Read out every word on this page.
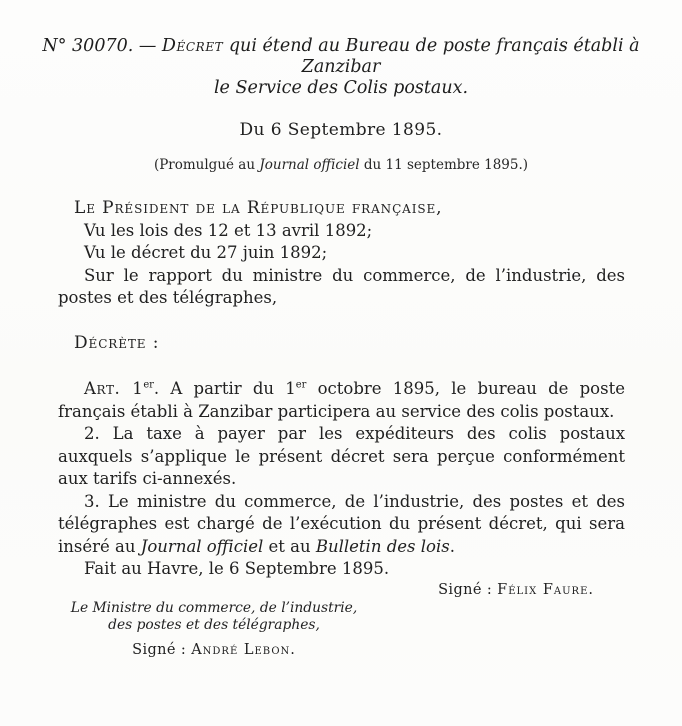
N° 30070. — Décret qui étend au Bureau de poste français établi à Zanzibar
le Service des Colis postaux.
Du 6 Septembre 1895.
(Promulgué au Journal officiel du 11 septembre 1895.)

Le Président de la République française,

Vu les lois des 12 et 13 avril 1892;

Vu le décret du 27 juin 1892;

Sur le rapport du ministre du commerce, de l’industrie, des postes et des télégraphes,

Décrète :

Art. 1er. A partir du 1er octobre 1895, le bureau de poste français établi à Zanzibar participera au service des colis postaux.

2. La taxe à payer par les expéditeurs des colis postaux auxquels s’applique le présent décret sera perçue conformément aux tarifs ci-annexés.

3. Le ministre du commerce, de l’industrie, des postes et des télégraphes est chargé de l’exécution du présent décret, qui sera inséré au Journal officiel et au Bulletin des lois.

Fait au Havre, le 6 Septembre 1895.

Signé : Félix Faure.
Le Ministre du commerce, de l’industrie,
des postes et des télégraphes,
Signé : André Lebon.
